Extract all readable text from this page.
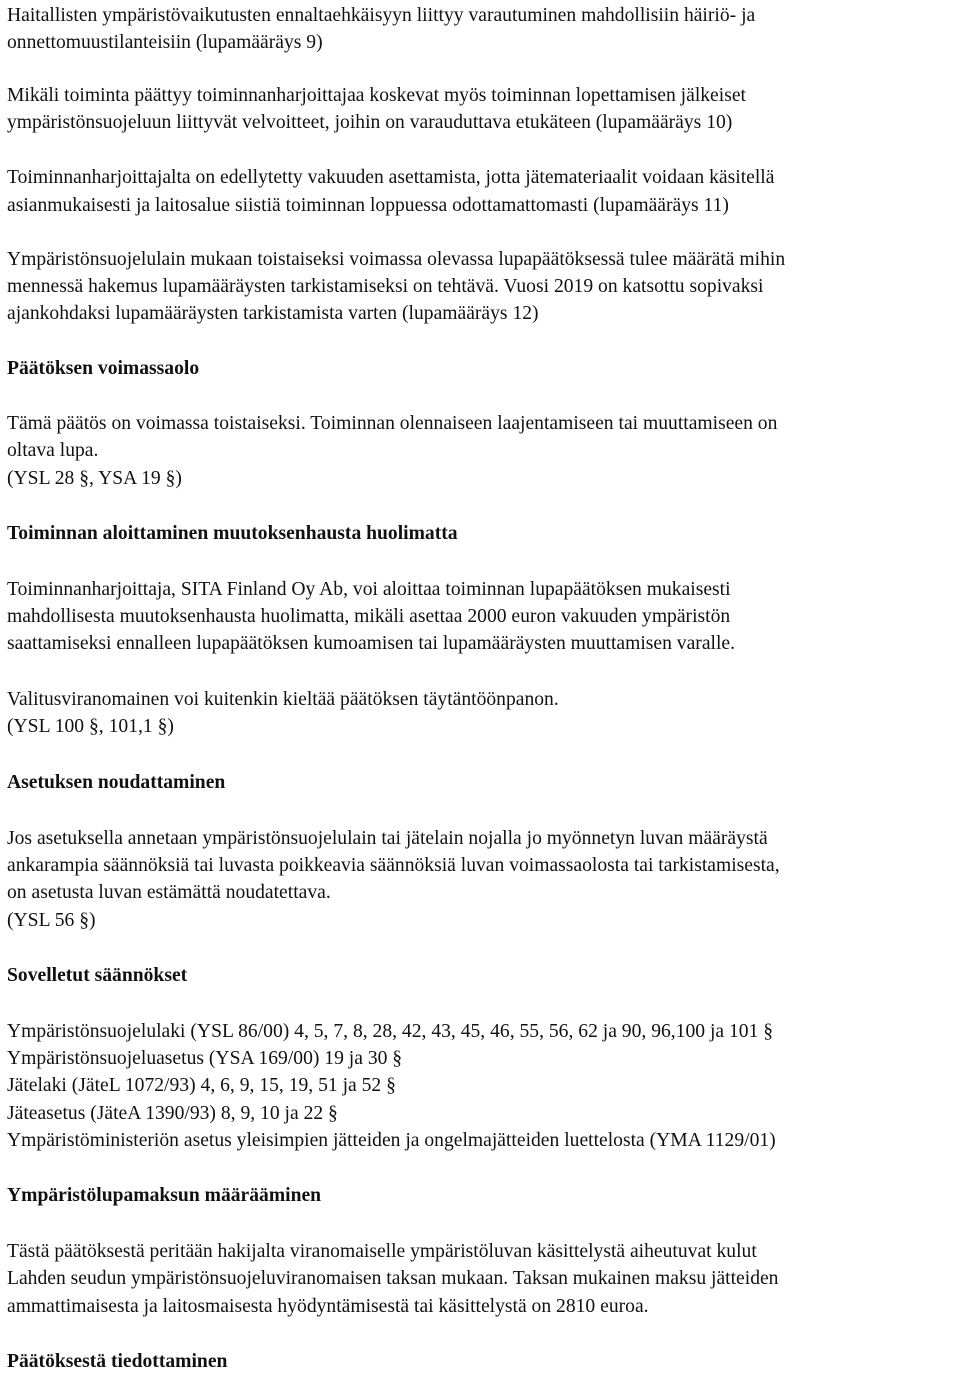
Haitallisten ympäristövaikutusten ennaltaehkäisyyn liittyy varautuminen mahdollisiin häiriö- ja
onnettomuustilanteisiin (lupamääräys 9)
Mikäli toiminta päättyy toiminnanharjoittajaa koskevat myös toiminnan lopettamisen jälkeiset
ympäristönsuojeluun liittyvät velvoitteet, joihin on varauduttava etukäteen (lupamääräys 10)
Toiminnanharjoittajalta on edellytetty vakuuden asettamista, jotta jätemateriaalit voidaan käsitellä
asianmukaisesti ja laitosalue siistiä toiminnan loppuessa odottamattomasti (lupamääräys 11)
Ympäristönsuojelulain mukaan toistaiseksi voimassa olevassa lupapäätöksessä tulee määrätä mihin
mennessä hakemus lupamääräysten tarkistamiseksi on tehtävä. Vuosi 2019 on katsottu sopivaksi
ajankohdaksi lupamääräysten tarkistamista varten (lupamääräys 12)
Päätöksen voimassaolo
Tämä päätös on voimassa toistaiseksi. Toiminnan olennaiseen laajentamiseen tai muuttamiseen on
oltava lupa.
(YSL 28 §, YSA 19 §)
Toiminnan aloittaminen muutoksenhausta huolimatta
Toiminnanharjoittaja, SITA Finland Oy Ab, voi aloittaa toiminnan lupapäätöksen mukaisesti
mahdollisesta muutoksenhausta huolimatta, mikäli asettaa 2000 euron vakuuden ympäristön
saattamiseksi ennalleen lupapäätöksen kumoamisen tai lupamääräysten muuttamisen varalle.
Valitusviranomainen voi kuitenkin kieltää päätöksen täytäntöönpanon.
(YSL 100 §, 101,1 §)
Asetuksen noudattaminen
Jos asetuksella annetaan ympäristönsuojelulain tai jätelain nojalla jo myönnetyn luvan määräystä
ankarampia säännöksiä tai luvasta poikkeavia säännöksiä luvan voimassaolosta tai tarkistamisesta,
on asetusta luvan estämättä noudatettava.
(YSL 56 §)
Sovelletut säännökset
Ympäristönsuojelulaki (YSL 86/00) 4, 5, 7, 8, 28, 42, 43, 45, 46, 55, 56, 62 ja 90, 96,100 ja 101 §
Ympäristönsuojeluasetus (YSA 169/00) 19 ja 30 §
Jätelaki (JäteL 1072/93) 4, 6, 9, 15, 19, 51 ja 52 §
Jäteasetus (JäteA 1390/93) 8, 9, 10 ja 22 §
Ympäristöministeriön asetus yleisimpien jätteiden ja ongelmajätteiden luettelosta (YMA 1129/01)
Ympäristölupamaksun määrääminen
Tästä päätöksestä peritään hakijalta viranomaiselle ympäristöluvan käsittelystä aiheutuvat kulut
Lahden seudun ympäristönsuojeluviranomaisen taksan mukaan. Taksan mukainen maksu jätteiden
ammattimaisesta ja laitosmaisesta hyödyntämisestä tai käsittelystä on 2810 euroa.
Päätöksestä tiedottaminen
